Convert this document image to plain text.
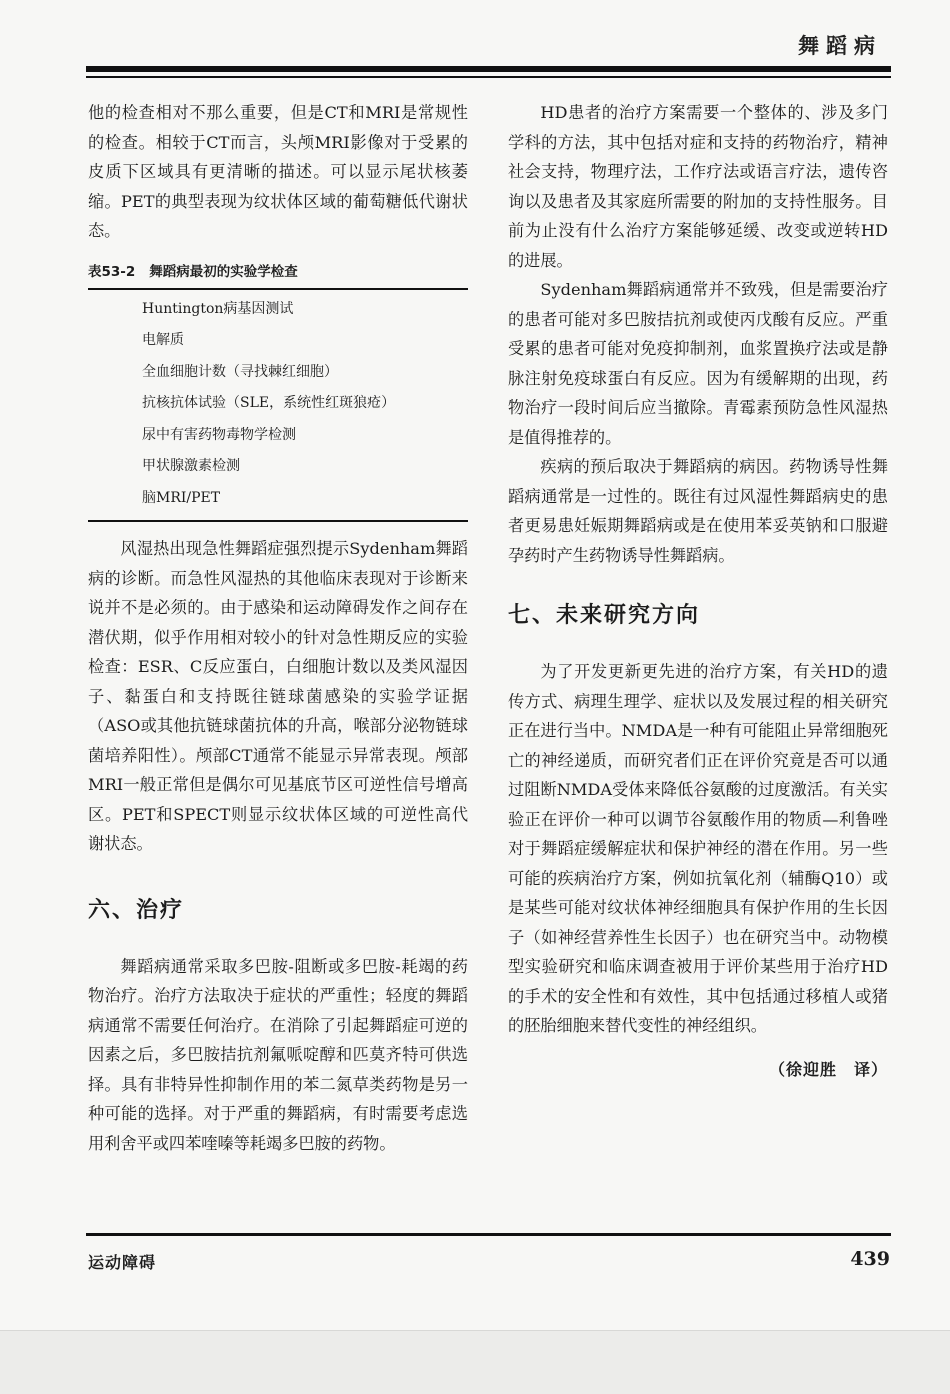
舞蹈病

他的检查相对不那么重要，但是CT和MRI是常规性的检查。相较于CT而言，头颅MRI影像对于受累的皮质下区域具有更清晰的描述。可以显示尾状核萎缩。PET的典型表现为纹状体区域的葡萄糖低代谢状态。

表53-2 舞蹈病最初的实验学检查
Huntington病基因测试
电解质
全血细胞计数（寻找棘红细胞）
抗核抗体试验（SLE，系统性红斑狼疮）
尿中有害药物毒物学检测
甲状腺激素检测
脑MRI/PET

风湿热出现急性舞蹈症强烈提示Sydenham舞蹈病的诊断。而急性风湿热的其他临床表现对于诊断来说并不是必须的。由于感染和运动障碍发作之间存在潜伏期，似乎作用相对较小的针对急性期反应的实验检查：ESR、C反应蛋白，白细胞计数以及类风湿因子、黏蛋白和支持既往链球菌感染的实验学证据（ASO或其他抗链球菌抗体的升高，喉部分泌物链球菌培养阳性）。颅部CT通常不能显示异常表现。颅部MRI一般正常但是偶尔可见基底节区可逆性信号增高区。PET和SPECT则显示纹状体区域的可逆性高代谢状态。

六、治疗

舞蹈病通常采取多巴胺-阻断或多巴胺-耗竭的药物治疗。治疗方法取决于症状的严重性；轻度的舞蹈病通常不需要任何治疗。在消除了引起舞蹈症可逆的因素之后，多巴胺拮抗剂氟哌啶醇和匹莫齐特可供选择。具有非特异性抑制作用的苯二氮草类药物是另一种可能的选择。对于严重的舞蹈病，有时需要考虑选用利舍平或四苯喹嗪等耗竭多巴胺的药物。

HD患者的治疗方案需要一个整体的、涉及多门学科的方法，其中包括对症和支持的药物治疗，精神社会支持，物理疗法，工作疗法或语言疗法，遗传咨询以及患者及其家庭所需要的附加的支持性服务。目前为止没有什么治疗方案能够延缓、改变或逆转HD的进展。

Sydenham舞蹈病通常并不致残，但是需要治疗的患者可能对多巴胺拮抗剂或使丙戊酸有反应。严重受累的患者可能对免疫抑制剂，血浆置换疗法或是静脉注射免疫球蛋白有反应。因为有缓解期的出现，药物治疗一段时间后应当撤除。青霉素预防急性风湿热是值得推荐的。

疾病的预后取决于舞蹈病的病因。药物诱导性舞蹈病通常是一过性的。既往有过风湿性舞蹈病史的患者更易患妊娠期舞蹈病或是在使用苯妥英钠和口服避孕药时产生药物诱导性舞蹈病。

七、未来研究方向

为了开发更新更先进的治疗方案，有关HD的遗传方式、病理生理学、症状以及发展过程的相关研究正在进行当中。NMDA是一种有可能阻止异常细胞死亡的神经递质，而研究者们正在评价究竟是否可以通过阻断NMDA受体来降低谷氨酸的过度激活。有关实验正在评价一种可以调节谷氨酸作用的物质—利鲁唑对于舞蹈症缓解症状和保护神经的潜在作用。另一些可能的疾病治疗方案，例如抗氧化剂（辅酶Q10）或是某些可能对纹状体神经细胞具有保护作用的生长因子（如神经营养性生长因子）也在研究当中。动物模型实验研究和临床调查被用于评价某些用于治疗HD的手术的安全性和有效性，其中包括通过移植人或猪的胚胎细胞来替代变性的神经组织。

（徐迎胜　译）
运动障碍	439
